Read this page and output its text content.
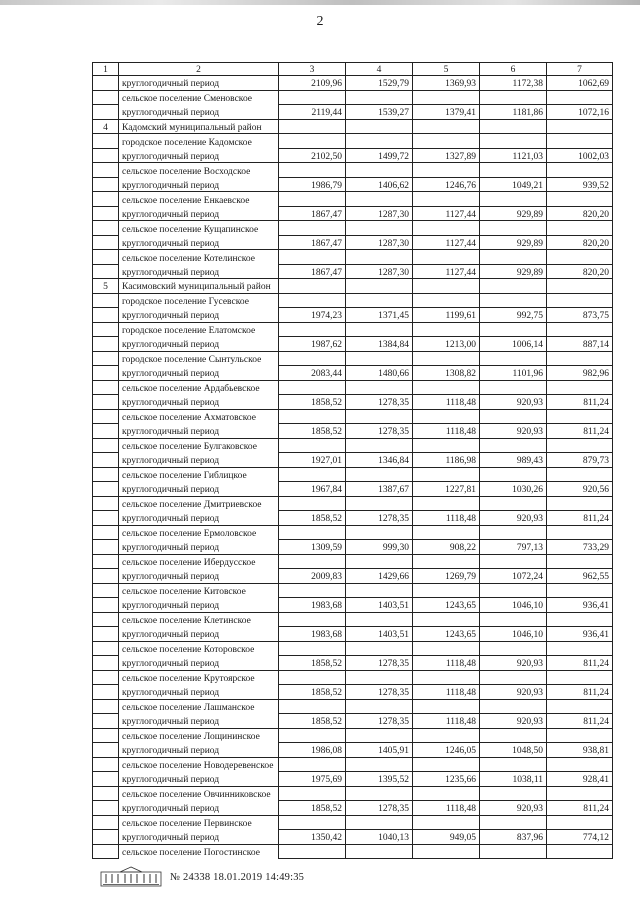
2
1	2	3	4	5	6	7
	круглогодичный период	2109,96	1529,79	1369,93	1172,38	1062,69
	сельское поселение Сменовское					
	круглогодичный период	2119,44	1539,27	1379,41	1181,86	1072,16
4	Кадомский муниципальный район					
	городское поселение Кадомское					
	круглогодичный период	2102,50	1499,72	1327,89	1121,03	1002,03
	сельское поселение Восходское					
	круглогодичный период	1986,79	1406,62	1246,76	1049,21	939,52
	сельское поселение Енкаевское					
	круглогодичный период	1867,47	1287,30	1127,44	929,89	820,20
	сельское поселение Кущапинское					
	круглогодичный период	1867,47	1287,30	1127,44	929,89	820,20
	сельское поселение Котелинское					
	круглогодичный период	1867,47	1287,30	1127,44	929,89	820,20
5	Касимовский муниципальный район					
	городское поселение Гусевское					
	круглогодичный период	1974,23	1371,45	1199,61	992,75	873,75
	городское поселение Елатомское					
	круглогодичный период	1987,62	1384,84	1213,00	1006,14	887,14
	городское поселение Сынтульское					
	круглогодичный период	2083,44	1480,66	1308,82	1101,96	982,96
	сельское поселение Ардабьевское					
	круглогодичный период	1858,52	1278,35	1118,48	920,93	811,24
	сельское поселение Ахматовское					
	круглогодичный период	1858,52	1278,35	1118,48	920,93	811,24
	сельское поселение Булгаковское					
	круглогодичный период	1927,01	1346,84	1186,98	989,43	879,73
	сельское поселение Гиблицкое					
	круглогодичный период	1967,84	1387,67	1227,81	1030,26	920,56
	сельское поселение Дмитриевское					
	круглогодичный период	1858,52	1278,35	1118,48	920,93	811,24
	сельское поселение Ермоловское					
	круглогодичный период	1309,59	999,30	908,22	797,13	733,29
	сельское поселение Ибердусское					
	круглогодичный период	2009,83	1429,66	1269,79	1072,24	962,55
	сельское поселение Китовское					
	круглогодичный период	1983,68	1403,51	1243,65	1046,10	936,41
	сельское поселение Клетинское					
	круглогодичный период	1983,68	1403,51	1243,65	1046,10	936,41
	сельское поселение Которовское					
	круглогодичный период	1858,52	1278,35	1118,48	920,93	811,24
	сельское поселение Крутоярское					
	круглогодичный период	1858,52	1278,35	1118,48	920,93	811,24
	сельское поселение Лашманское					
	круглогодичный период	1858,52	1278,35	1118,48	920,93	811,24
	сельское поселение Лощининское					
	круглогодичный период	1986,08	1405,91	1246,05	1048,50	938,81
	сельское поселение Новодеревенское					
	круглогодичный период	1975,69	1395,52	1235,66	1038,11	928,41
	сельское поселение Овчинниковское					
	круглогодичный период	1858,52	1278,35	1118,48	920,93	811,24
	сельское поселение Первинское					
	круглогодичный период	1350,42	1040,13	949,05	837,96	774,12
	сельское поселение Погостинское					
№ 24338 18.01.2019 14:49:35
